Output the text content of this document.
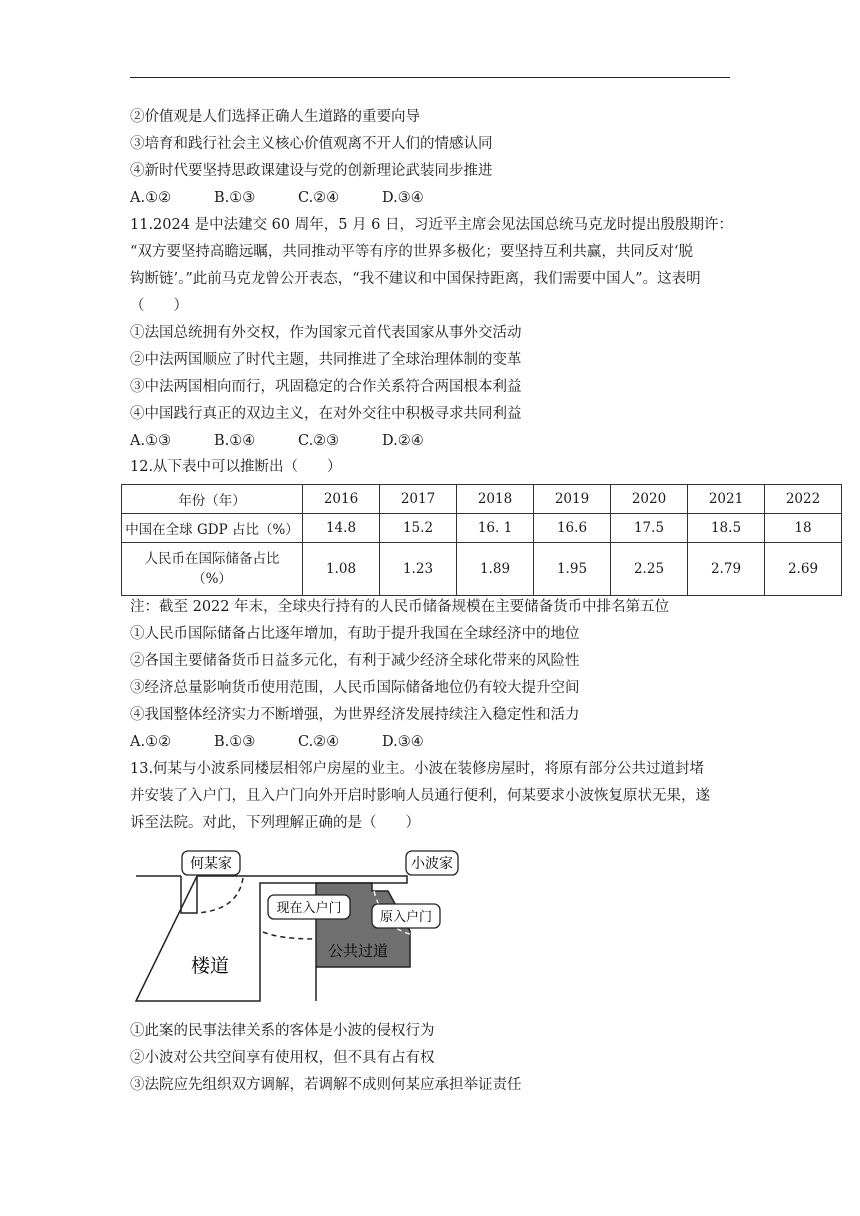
②价值观是人们选择正确人生道路的重要向导
③培育和践行社会主义核心价值观离不开人们的情感认同
④新时代要坚持思政课建设与党的创新理论武装同步推进
A.①②	B.①③	C.②④	D.③④
11.2024 是中法建交 60 周年，5 月 6 日，习近平主席会见法国总统马克龙时提出殷殷期许：
“双方要坚持高瞻远瞩，共同推动平等有序的世界多极化；要坚持互利共赢，共同反对‘脱
钩断链’。”此前马克龙曾公开表态，“我不建议和中国保持距离，我们需要中国人”。这表明
（　　）
①法国总统拥有外交权，作为国家元首代表国家从事外交活动
②中法两国顺应了时代主题，共同推进了全球治理体制的变革
③中法两国相向而行，巩固稳定的合作关系符合两国根本利益
④中国践行真正的双边主义，在对外交往中积极寻求共同利益
A.①③	B.①④	C.②③	D.②④
12.从下表中可以推断出（　　）
年份（年）	2016	2017	2018	2019	2020	2021	2022
中国在全球 GDP 占比（%）	14.8	15.2	16. 1	16.6	17.5	18.5	18

人民币在国际储备占比
（%）	1.08	1.23	1.89	1.95	2.25	2.79	2.69
注：截至 2022 年末，全球央行持有的人民币储备规模在主要储备货币中排名第五位
①人民币国际储备占比逐年增加，有助于提升我国在全球经济中的地位
②各国主要储备货币日益多元化，有利于减少经济全球化带来的风险性
③经济总量影响货币使用范围，人民币国际储备地位仍有较大提升空间
④我国整体经济实力不断增强，为世界经济发展持续注入稳定性和活力
A.①②	B.①③	C.②④	D.③④
13.何某与小波系同楼层相邻户房屋的业主。小波在装修房屋时，将原有部分公共过道封堵
并安装了入户门，且入户门向外开启时影响人员通行便利，何某要求小波恢复原状无果，遂
诉至法院。对此，下列理解正确的是（　　）
何某家	小波家
现在入户门
原入户门
楼道
公共过道
①此案的民事法律关系的客体是小波的侵权行为
②小波对公共空间享有使用权，但不具有占有权
③法院应先组织双方调解，若调解不成则何某应承担举证责任
